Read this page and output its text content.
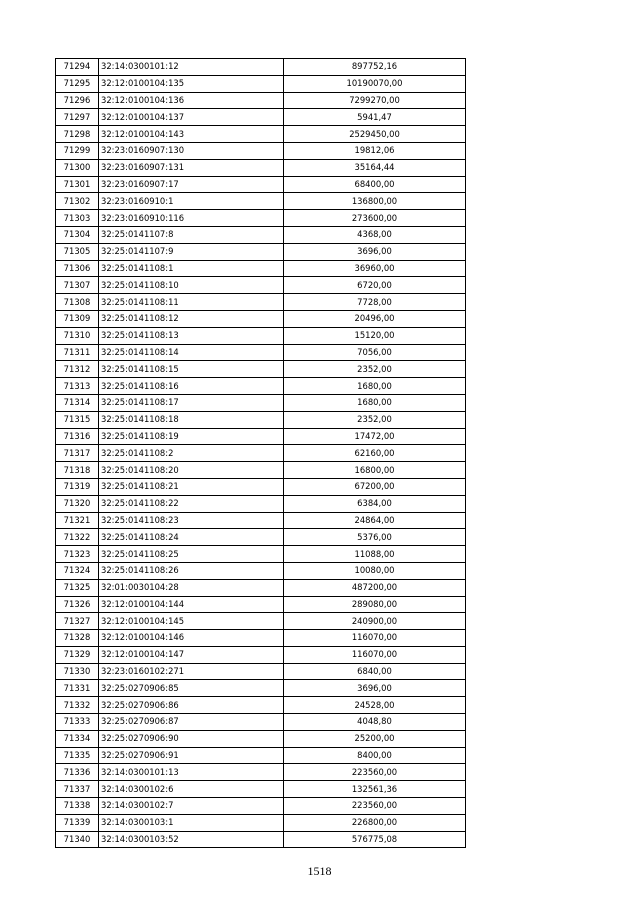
71294	32:14:0300101:12	897752,16
71295	32:12:0100104:135	10190070,00
71296	32:12:0100104:136	7299270,00
71297	32:12:0100104:137	5941,47
71298	32:12:0100104:143	2529450,00
71299	32:23:0160907:130	19812,06
71300	32:23:0160907:131	35164,44
71301	32:23:0160907:17	68400,00
71302	32:23:0160910:1	136800,00
71303	32:23:0160910:116	273600,00
71304	32:25:0141107:8	4368,00
71305	32:25:0141107:9	3696,00
71306	32:25:0141108:1	36960,00
71307	32:25:0141108:10	6720,00
71308	32:25:0141108:11	7728,00
71309	32:25:0141108:12	20496,00
71310	32:25:0141108:13	15120,00
71311	32:25:0141108:14	7056,00
71312	32:25:0141108:15	2352,00
71313	32:25:0141108:16	1680,00
71314	32:25:0141108:17	1680,00
71315	32:25:0141108:18	2352,00
71316	32:25:0141108:19	17472,00
71317	32:25:0141108:2	62160,00
71318	32:25:0141108:20	16800,00
71319	32:25:0141108:21	67200,00
71320	32:25:0141108:22	6384,00
71321	32:25:0141108:23	24864,00
71322	32:25:0141108:24	5376,00
71323	32:25:0141108:25	11088,00
71324	32:25:0141108:26	10080,00
71325	32:01:0030104:28	487200,00
71326	32:12:0100104:144	289080,00
71327	32:12:0100104:145	240900,00
71328	32:12:0100104:146	116070,00
71329	32:12:0100104:147	116070,00
71330	32:23:0160102:271	6840,00
71331	32:25:0270906:85	3696,00
71332	32:25:0270906:86	24528,00
71333	32:25:0270906:87	4048,80
71334	32:25:0270906:90	25200,00
71335	32:25:0270906:91	8400,00
71336	32:14:0300101:13	223560,00
71337	32:14:0300102:6	132561,36
71338	32:14:0300102:7	223560,00
71339	32:14:0300103:1	226800,00
71340	32:14:0300103:52	576775,08
1518
